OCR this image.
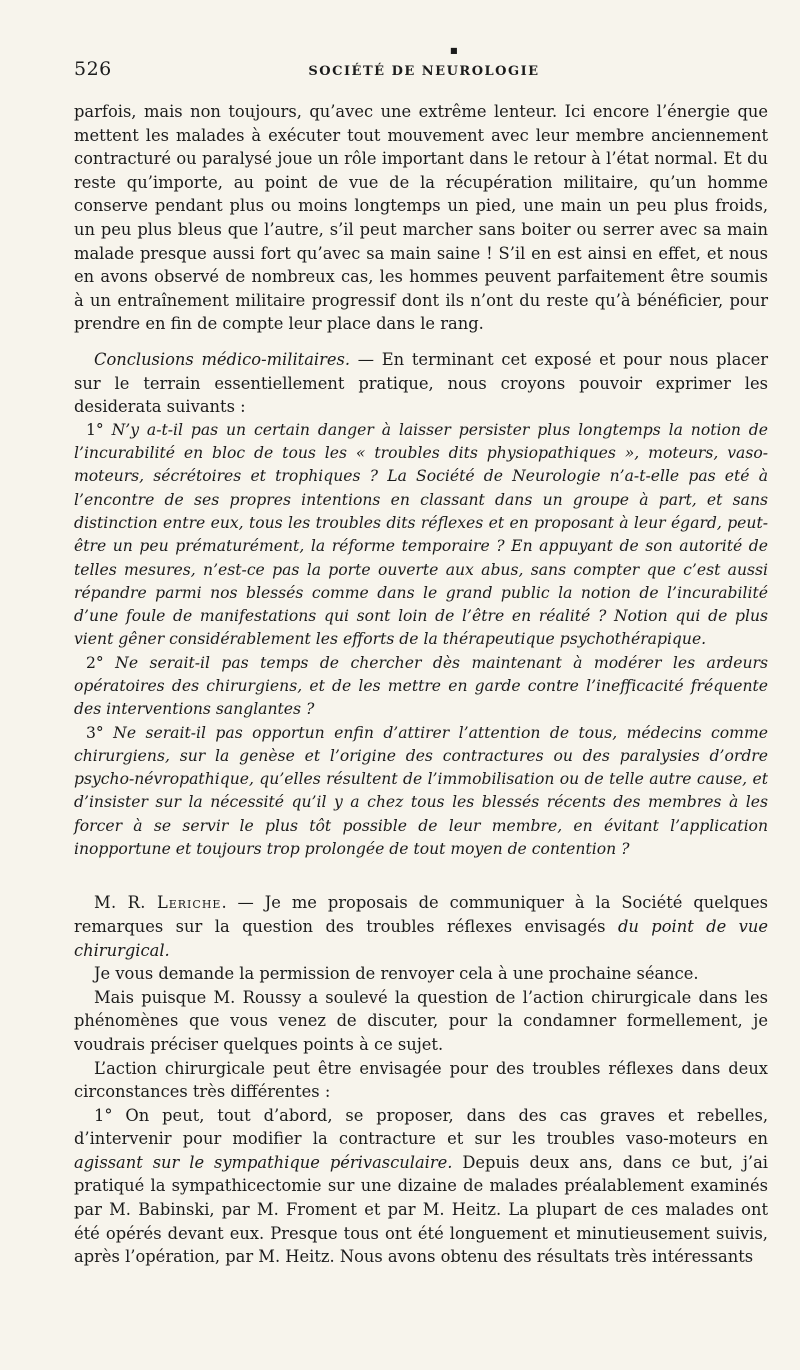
■
526	SOCIÉTÉ DE NEUROLOGIE

parfois, mais non toujours, qu’avec une extrême lenteur. Ici encore l’énergie que mettent les malades à exécuter tout mouvement avec leur membre anciennement contracturé ou paralysé joue un rôle important dans le retour à l’état normal. Et du reste qu’importe, au point de vue de la récupération militaire, qu’un homme conserve pendant plus ou moins longtemps un pied, une main un peu plus froids, un peu plus bleus que l’autre, s’il peut marcher sans boiter ou serrer avec sa main malade presque aussi fort qu’avec sa main saine ! S’il en est ainsi en effet, et nous en avons observé de nombreux cas, les hommes peuvent parfaitement être soumis à un entraînement militaire progressif dont ils n’ont du reste qu’à bénéficier, pour prendre en fin de compte leur place dans le rang.

Conclusions médico-militaires. — En terminant cet exposé et pour nous placer sur le terrain essentiellement pratique, nous croyons pouvoir exprimer les desiderata suivants :

1° N’y a-t-il pas un certain danger à laisser persister plus longtemps la notion de l’incurabilité en bloc de tous les « troubles dits physiopathiques », moteurs, vaso-moteurs, sécrétoires et trophiques ? La Société de Neurologie n’a-t-elle pas eté à l’encontre de ses propres intentions en classant dans un groupe à part, et sans distinction entre eux, tous les troubles dits réflexes et en proposant à leur égard, peut-être un peu prématurément, la réforme temporaire ? En appuyant de son autorité de telles mesures, n’est-ce pas la porte ouverte aux abus, sans compter que c’est aussi répandre parmi nos blessés comme dans le grand public la notion de l’incurabilité d’une foule de manifestations qui sont loin de l’être en réalité ? Notion qui de plus vient gêner considérablement les efforts de la thérapeutique psychothérapique.

2° Ne serait-il pas temps de chercher dès maintenant à modérer les ardeurs opératoires des chirurgiens, et de les mettre en garde contre l’inefficacité fréquente des interventions sanglantes ?

3° Ne serait-il pas opportun enfin d’attirer l’attention de tous, médecins comme chirurgiens, sur la genèse et l’origine des contractures ou des paralysies d’ordre psycho-névropathique, qu’elles résultent de l’immobilisation ou de telle autre cause, et d’insister sur la nécessité qu’il y a chez tous les blessés récents des membres à les forcer à se servir le plus tôt possible de leur membre, en évitant l’application inopportune et toujours trop prolongée de tout moyen de contention ?

M. R. Leriche. — Je me proposais de communiquer à la Société quelques remarques sur la question des troubles réflexes envisagés du point de vue chirurgical.

Je vous demande la permission de renvoyer cela à une prochaine séance.

Mais puisque M. Roussy a soulevé la question de l’action chirurgicale dans les phénomènes que vous venez de discuter, pour la condamner formellement, je voudrais préciser quelques points à ce sujet.

L’action chirurgicale peut être envisagée pour des troubles réflexes dans deux circonstances très différentes :

1° On peut, tout d’abord, se proposer, dans des cas graves et rebelles, d’intervenir pour modifier la contracture et sur les troubles vaso-moteurs en agissant sur le sympathique périvasculaire. Depuis deux ans, dans ce but, j’ai pratiqué la sympathicectomie sur une dizaine de malades préalablement examinés par M. Babinski, par M. Froment et par M. Heitz. La plupart de ces malades ont été opérés devant eux. Presque tous ont été longuement et minutieusement suivis, après l’opération, par M. Heitz. Nous avons obtenu des résultats très intéressants
